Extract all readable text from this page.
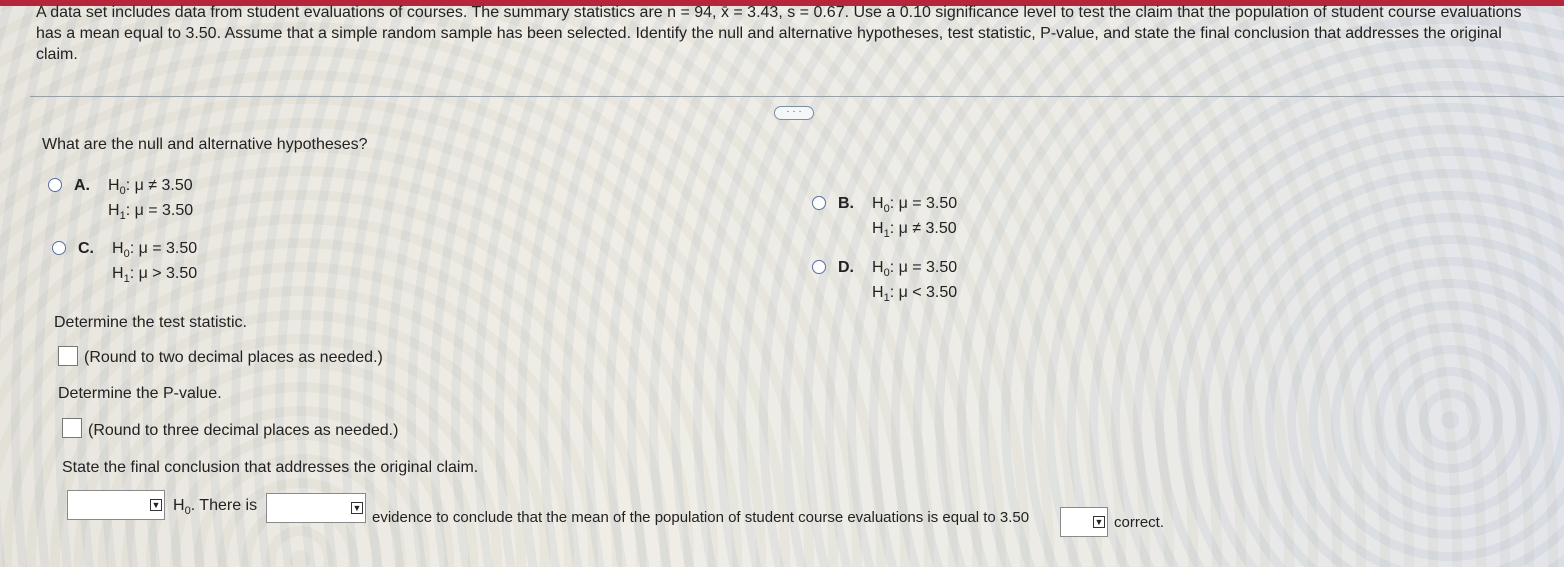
A data set includes data from student evaluations of courses. The summary statistics are n = 94, x̄ = 3.43, s = 0.67. Use a 0.10 significance level to test the claim that the population of student course evaluations
has a mean equal to 3.50. Assume that a simple random sample has been selected. Identify the null and alternative hypotheses, test statistic, P-value, and state the final conclusion that addresses the original
claim.
· · ·
What are the null and alternative hypotheses?
A. $H_0$: μ ≠ 3.50
$H_1$: μ = 3.50
C. $H_0$: μ = 3.50
$H_1$: μ > 3.50
B. $H_0$: μ = 3.50
$H_1$: μ ≠ 3.50
D. $H_0$: μ = 3.50
$H_1$: μ < 3.50
Determine the test statistic.
(Round to two decimal places as needed.)
Determine the P-value.
(Round to three decimal places as needed.)
State the final conclusion that addresses the original claim.
▼ $H_0$. There is	▼
evidence to conclude that the mean of the population of student course evaluations is equal to 3.50	▼ correct.
